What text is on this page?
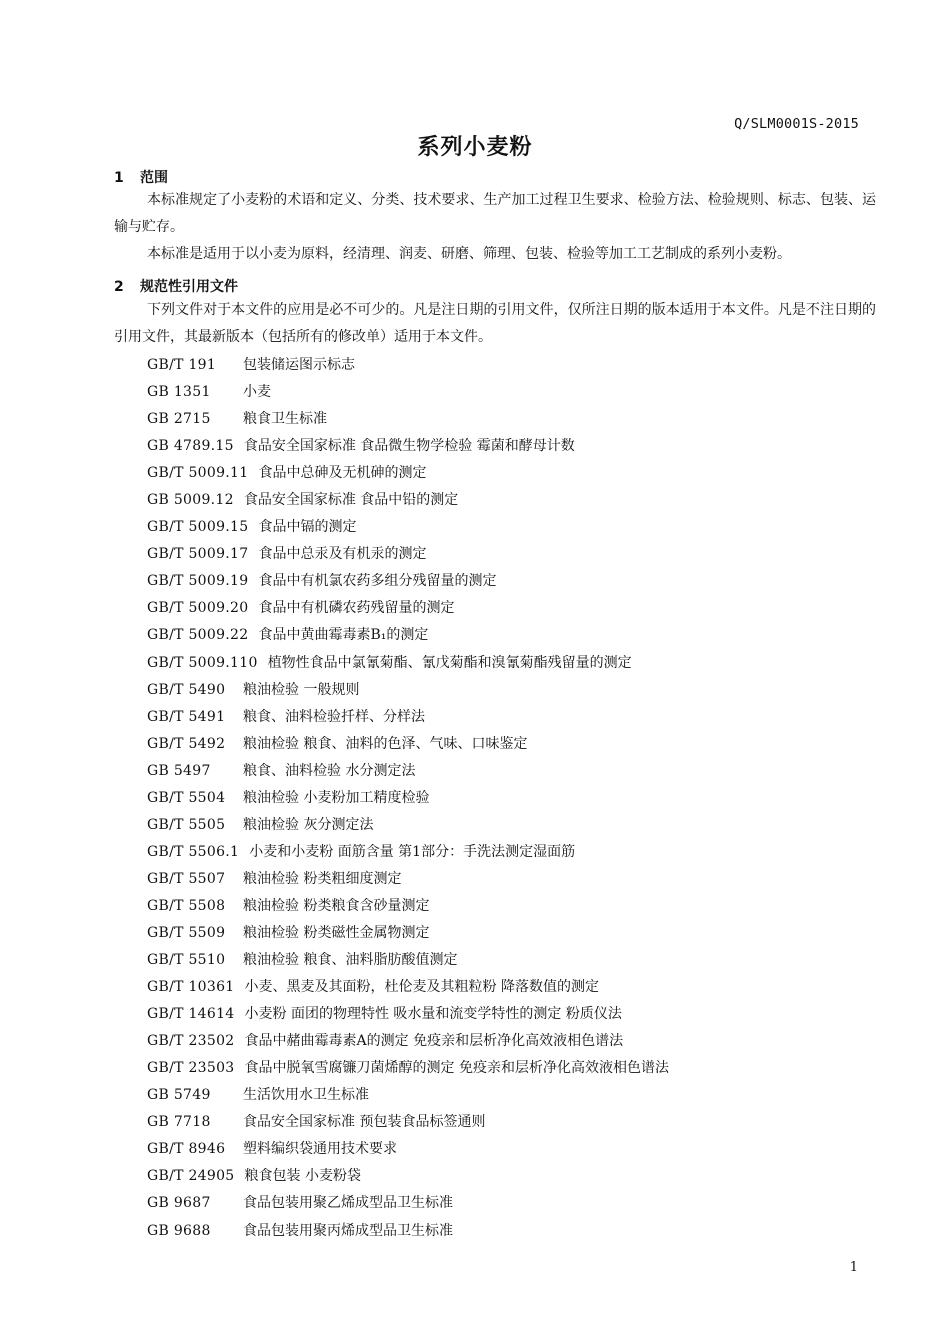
Q/SLM0001S-2015
系列小麦粉
1 范围

本标准规定了小麦粉的术语和定义、分类、技术要求、生产加工过程卫生要求、检验方法、检验规则、标志、包装、运输与贮存。

本标准是适用于以小麦为原料，经清理、润麦、研磨、筛理、包装、检验等加工工艺制成的系列小麦粉。

2 规范性引用文件

下列文件对于本文件的应用是必不可少的。凡是注日期的引用文件，仅所注日期的版本适用于本文件。凡是不注日期的引用文件，其最新版本（包括所有的修改单）适用于本文件。

GB/T 191 包装储运图示标志
GB 1351 小麦
GB 2715 粮食卫生标准
GB 4789.15 食品安全国家标准 食品微生物学检验 霉菌和酵母计数
GB/T 5009.11 食品中总砷及无机砷的测定
GB 5009.12 食品安全国家标准 食品中铅的测定
GB/T 5009.15 食品中镉的测定
GB/T 5009.17 食品中总汞及有机汞的测定
GB/T 5009.19 食品中有机氯农药多组分残留量的测定
GB/T 5009.20 食品中有机磷农药残留量的测定
GB/T 5009.22 食品中黄曲霉毒素B₁的测定
GB/T 5009.110 植物性食品中氯氰菊酯、氰戊菊酯和溴氰菊酯残留量的测定
GB/T 5490 粮油检验 一般规则
GB/T 5491 粮食、油料检验扦样、分样法
GB/T 5492 粮油检验 粮食、油料的色泽、气味、口味鉴定
GB 5497 粮食、油料检验 水分测定法
GB/T 5504 粮油检验 小麦粉加工精度检验
GB/T 5505 粮油检验 灰分测定法
GB/T 5506.1 小麦和小麦粉 面筋含量 第1部分：手洗法测定湿面筋
GB/T 5507 粮油检验 粉类粗细度测定
GB/T 5508 粮油检验 粉类粮食含砂量测定
GB/T 5509 粮油检验 粉类磁性金属物测定
GB/T 5510 粮油检验 粮食、油料脂肪酸值测定
GB/T 10361 小麦、黑麦及其面粉，杜伦麦及其粗粒粉 降落数值的测定
GB/T 14614 小麦粉 面团的物理特性 吸水量和流变学特性的测定 粉质仪法
GB/T 23502 食品中赭曲霉毒素A的测定 免疫亲和层析净化高效液相色谱法
GB/T 23503 食品中脱氧雪腐镰刀菌烯醇的测定 免疫亲和层析净化高效液相色谱法
GB 5749 生活饮用水卫生标准
GB 7718 食品安全国家标准 预包装食品标签通则
GB/T 8946 塑料编织袋通用技术要求
GB/T 24905 粮食包装 小麦粉袋
GB 9687 食品包装用聚乙烯成型品卫生标准
GB 9688 食品包装用聚丙烯成型品卫生标准
1
